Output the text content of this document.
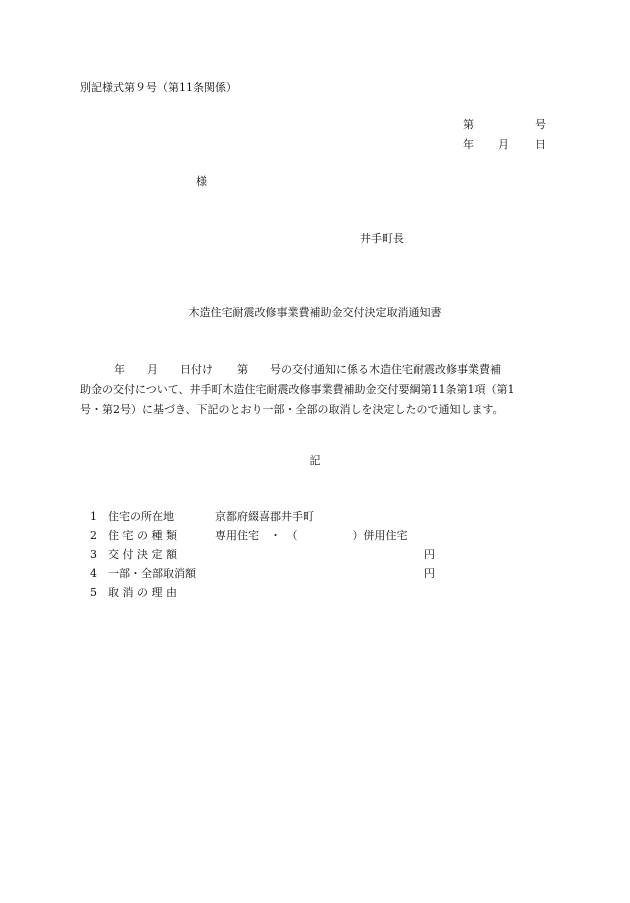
別記様式第９号（第11条関係）
第	号
年 月 日
様
井手町長
木造住宅耐震改修事業費補助金交付決定取消通知書
年 月 日付け 第 号の交付通知に係る木造住宅耐震改修事業費補
助金の交付について、井手町木造住宅耐震改修事業費補助金交付要綱第11条第1項（第1
号・第2号）に基づき、下記のとおり一部・全部の取消しを決定したので通知します。
記
1 住宅の所在地	京都府綴喜郡井手町
2 住 宅 の 種 類	専用住宅　・　（　　　　　）併用住宅
3 交 付 決 定 額	円
4 一部・全部取消額	円
5 取 消 の 理 由
